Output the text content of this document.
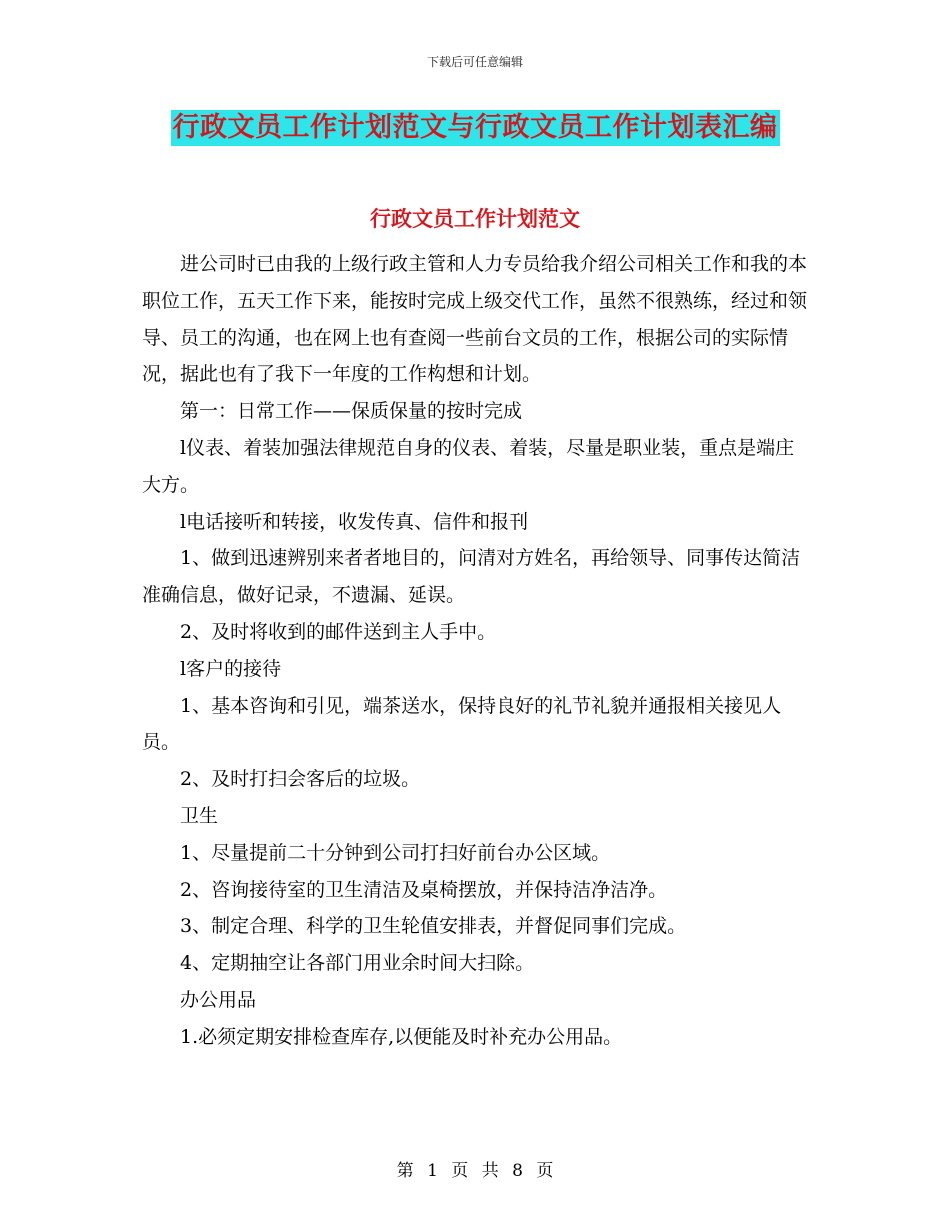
下载后可任意编辑
行政文员工作计划范文与行政文员工作计划表汇编
行政文员工作计划范文

进公司时已由我的上级行政主管和人力专员给我介绍公司相关工作和我的本职位工作，五天工作下来，能按时完成上级交代工作，虽然不很熟练，经过和领导、员工的沟通，也在网上也有查阅一些前台文员的工作，根据公司的实际情况，据此也有了我下一年度的工作构想和计划。

第一：日常工作——保质保量的按时完成

l仪表、着装加强法律规范自身的仪表、着装，尽量是职业装，重点是端庄大方。

l电话接听和转接，收发传真、信件和报刊

1、做到迅速辨别来者者地目的，问清对方姓名，再给领导、同事传达简洁准确信息，做好记录，不遗漏、延误。

2、及时将收到的邮件送到主人手中。

l客户的接待

1、基本咨询和引见，端茶送水，保持良好的礼节礼貌并通报相关接见人员。

2、及时打扫会客后的垃圾。

卫生

1、尽量提前二十分钟到公司打扫好前台办公区域。

2、咨询接待室的卫生清洁及桌椅摆放，并保持洁净洁净。

3、制定合理、科学的卫生轮值安排表，并督促同事们完成。

4、定期抽空让各部门用业余时间大扫除。

办公用品

1.必须定期安排检查库存,以便能及时补充办公用品。

第 1 页 共 8 页
